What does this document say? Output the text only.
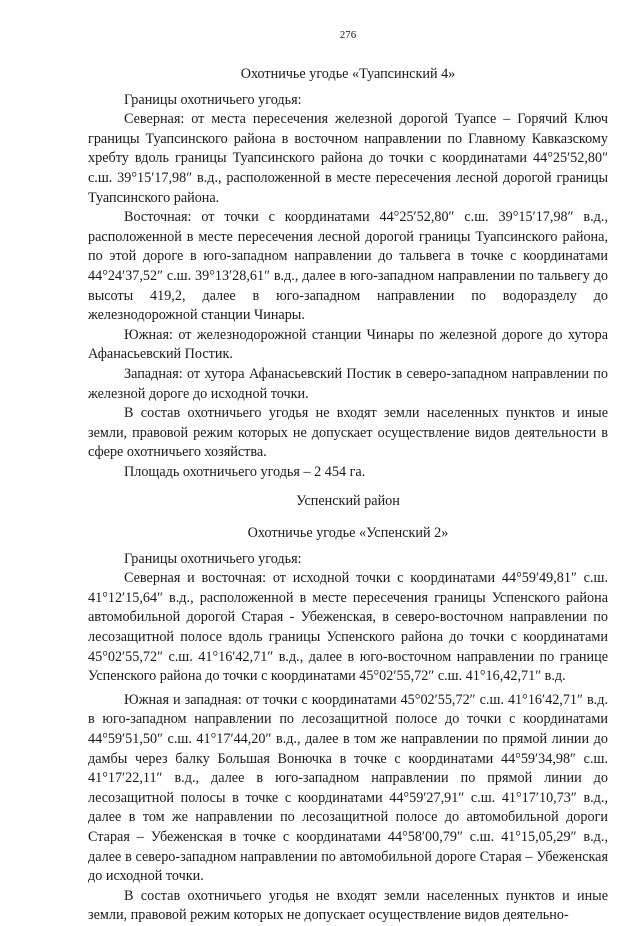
276
Охотничье угодье «Туапсинский 4»

Границы охотничьего угодья:

Северная: от места пересечения железной дорогой Туапсе – Горячий Ключ границы Туапсинского района в восточном направлении по Главному Кавказскому хребту вдоль границы Туапсинского района до точки с координатами 44°25′52,80″ с.ш. 39°15′17,98″ в.д., расположенной в месте пересечения лесной дорогой границы Туапсинского района.

Восточная: от точки с координатами 44°25′52,80″ с.ш. 39°15′17,98″ в.д., расположенной в месте пересечения лесной дорогой границы Туапсинского района, по этой дороге в юго-западном направлении до тальвега в точке с координатами 44°24′37,52″ с.ш. 39°13′28,61″ в.д., далее в юго-западном направлении по тальвегу до высоты 419,2, далее в юго-западном направлении по водоразделу до железнодорожной станции Чинары.

Южная: от железнодорожной станции Чинары по железной дороге до хутора Афанасьевский Постик.

Западная: от хутора Афанасьевский Постик в северо-западном направлении по железной дороге до исходной точки.

В состав охотничьего угодья не входят земли населенных пунктов и иные земли, правовой режим которых не допускает осуществление видов деятельности в сфере охотничьего хозяйства.

Площадь охотничьего угодья – 2 454 га.

Успенский район
Охотничье угодье «Успенский 2»

Границы охотничьего угодья:

Северная и восточная: от исходной точки с координатами 44°59′49,81″ с.ш. 41°12′15,64″ в.д., расположенной в месте пересечения границы Успенского района автомобильной дорогой Старая - Убеженская, в северо-восточном направлении по лесозащитной полосе вдоль границы Успенского района до точки с координатами 45°02′55,72″ с.ш. 41°16′42,71″ в.д., далее в юго-восточном направлении по границе Успенского района до точки с координатами 45°02′55,72″ с.ш. 41°16,42,71″ в.д.

Южная и западная: от точки с координатами 45°02′55,72″ с.ш. 41°16′42,71″ в.д. в юго-западном направлении по лесозащитной полосе до точки с координатами 44°59′51,50″ с.ш. 41°17′44,20″ в.д., далее в том же направлении по прямой линии до дамбы через балку Большая Вонючка в точке с координатами 44°59′34,98″ с.ш. 41°17′22,11″ в.д., далее в юго-западном направлении по прямой линии до лесозащитной полосы в точке с координатами 44°59′27,91″ с.ш. 41°17′10,73″ в.д., далее в том же направлении по лесозащитной полосе до автомобильной дороги Старая – Убеженская в точке с координатами 44°58′00,79″ с.ш. 41°15,05,29″ в.д., далее в северо-западном направлении по автомобильной дороге Старая – Убеженская до исходной точки.

В состав охотничьего угодья не входят земли населенных пунктов и иные земли, правовой режим которых не допускает осуществление видов деятельно-
